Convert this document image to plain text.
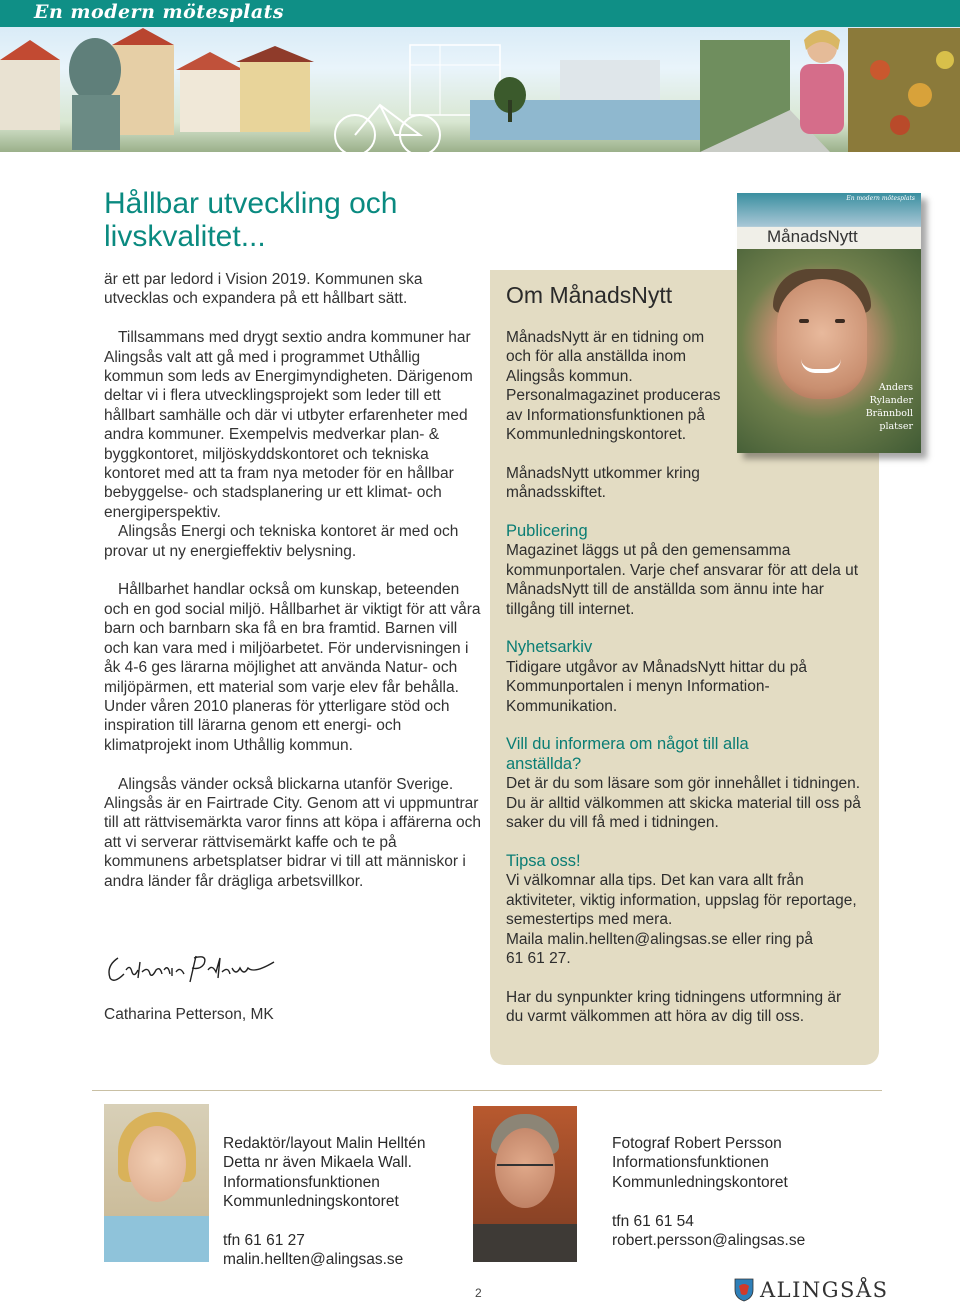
En modern mötesplats
Hållbar utveckling och livskvalitet...

är ett par ledord i Vision 2019. Kommunen ska utvecklas och expandera på ett hållbart sätt.

Tillsammans med drygt sextio andra kommuner har Alingsås valt att gå med i programmet Uthållig kommun som leds av Energimyndigheten. Därigenom deltar vi i flera utvecklingsprojekt som leder till ett hållbart samhälle och där vi utbyter erfarenheter med andra kommuner. Exempelvis medverkar plan- & byggkontoret, miljöskyddskontoret och tekniska kontoret med att ta fram nya metoder för en hållbar bebyggelse- och stadsplanering ur ett klimat- och energiperspektiv.

Alingsås Energi och tekniska kontoret är med och provar ut ny energieffektiv belysning.

Hållbarhet handlar också om kunskap, beteenden och en god social miljö. Hållbarhet är viktigt för att våra barn och barnbarn ska få en bra framtid. Barnen vill och kan vara med i miljöarbetet. För undervisningen i åk 4-6 ges lärarna möjlighet att använda Natur- och miljöpärmen, ett material som varje elev får behålla. Under våren 2010 planeras för ytterligare stöd och inspiration till lärarna genom ett energi- och klimatprojekt inom Uthållig kommun.

Alingsås vänder också blickarna utanför Sverige. Alingsås är en Fairtrade City. Genom att vi uppmuntrar till att rättvisemärkta varor finns att köpa i affärerna och att vi serverar rättvisemärkt kaffe och te på kommunens arbetsplatser bidrar vi till att människor i andra länder får drägliga arbetsvillkor.

Catharina Petterson, MK
Om MånadsNytt

MånadsNytt är en tidning om och för alla anställda inom Alingsås kommun. Personalmagazinet produceras av Informationsfunktionen på Kommunledningskontoret.

MånadsNytt utkommer kring månadsskiftet.

Publicering

Magazinet läggs ut på den gemensamma kommunportalen. Varje chef ansvarar för att dela ut MånadsNytt till de anställda som ännu inte har tillgång till internet.

Nyhetsarkiv

Tidigare utgåvor av MånadsNytt hittar du på Kommunportalen i menyn Information-Kommunikation.

Vill du informera om något till alla anställda?

Det är du som läsare som gör innehållet i tidningen. Du är alltid välkommen att skicka material till oss på saker du vill få med i tidningen.

Tipsa oss!

Vi välkomnar alla tips. Det kan vara allt från aktiviteter, viktig information, uppslag för reportage, semestertips med mera.

Maila malin.hellten@alingsas.se eller ring på 61 61 27.

Har du synpunkter kring tidningens utformning är du varmt välkommen att höra av dig till oss.

En modern mötesplats
MånadsNytt
Anders
Rylander
Brännboll
platser
Redaktör/layout Malin Helltén
Detta nr även Mikaela Wall.
Informationsfunktionen
Kommunledningskontoret
tfn 61 61 27
malin.hellten@alingsas.se
Fotograf Robert Persson
Informationsfunktionen
Kommunledningskontoret
tfn 61 61 54
robert.persson@alingsas.se
2	ALINGSÅS
